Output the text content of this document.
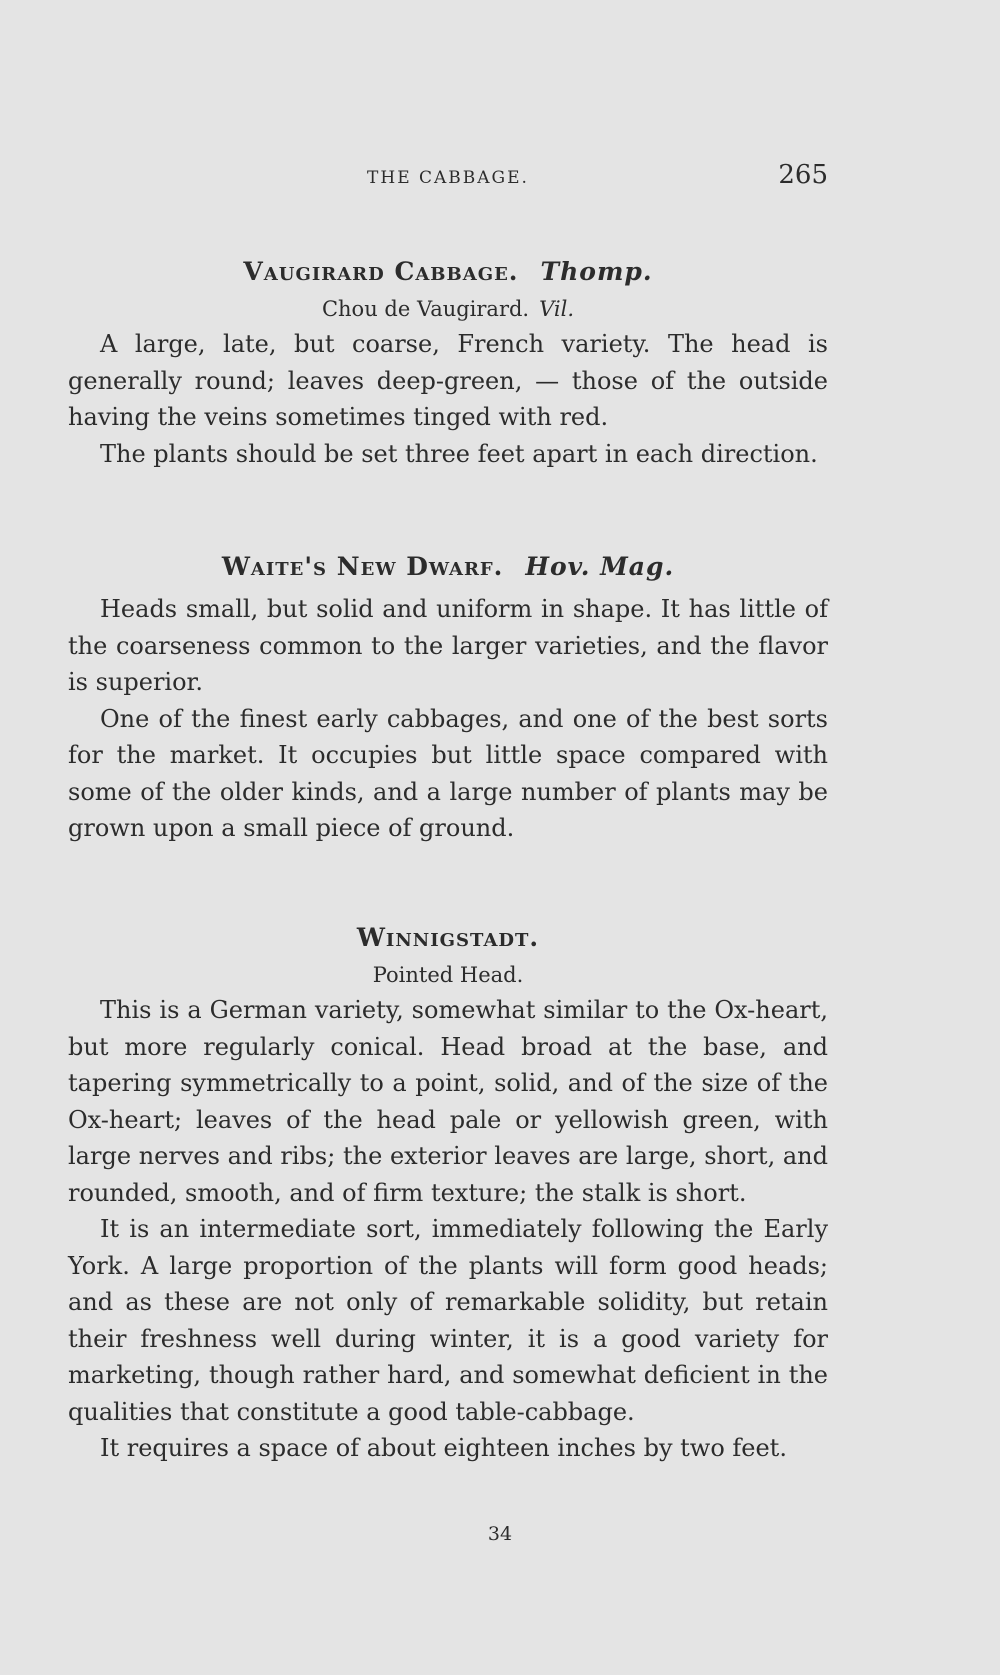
THE CABBAGE.	265
Vaugirard Cabbage. Thomp.

Chou de Vaugirard. Vil.

A large, late, but coarse, French variety. The head is generally round; leaves deep-green, — those of the outside having the veins sometimes tinged with red.

The plants should be set three feet apart in each direction.

Waite's New Dwarf. Hov. Mag.

Heads small, but solid and uniform in shape. It has little of the coarseness common to the larger varieties, and the flavor is superior.

One of the finest early cabbages, and one of the best sorts for the market. It occupies but little space compared with some of the older kinds, and a large number of plants may be grown upon a small piece of ground.

Winnigstadt.

Pointed Head.

This is a German variety, somewhat similar to the Ox-heart, but more regularly conical. Head broad at the base, and tapering symmetrically to a point, solid, and of the size of the Ox-heart; leaves of the head pale or yellowish green, with large nerves and ribs; the exterior leaves are large, short, and rounded, smooth, and of firm texture; the stalk is short.

It is an intermediate sort, immediately following the Early York. A large proportion of the plants will form good heads; and as these are not only of remarkable solidity, but retain their freshness well during winter, it is a good variety for marketing, though rather hard, and somewhat deficient in the qualities that constitute a good table-cabbage.

It requires a space of about eighteen inches by two feet.

34
